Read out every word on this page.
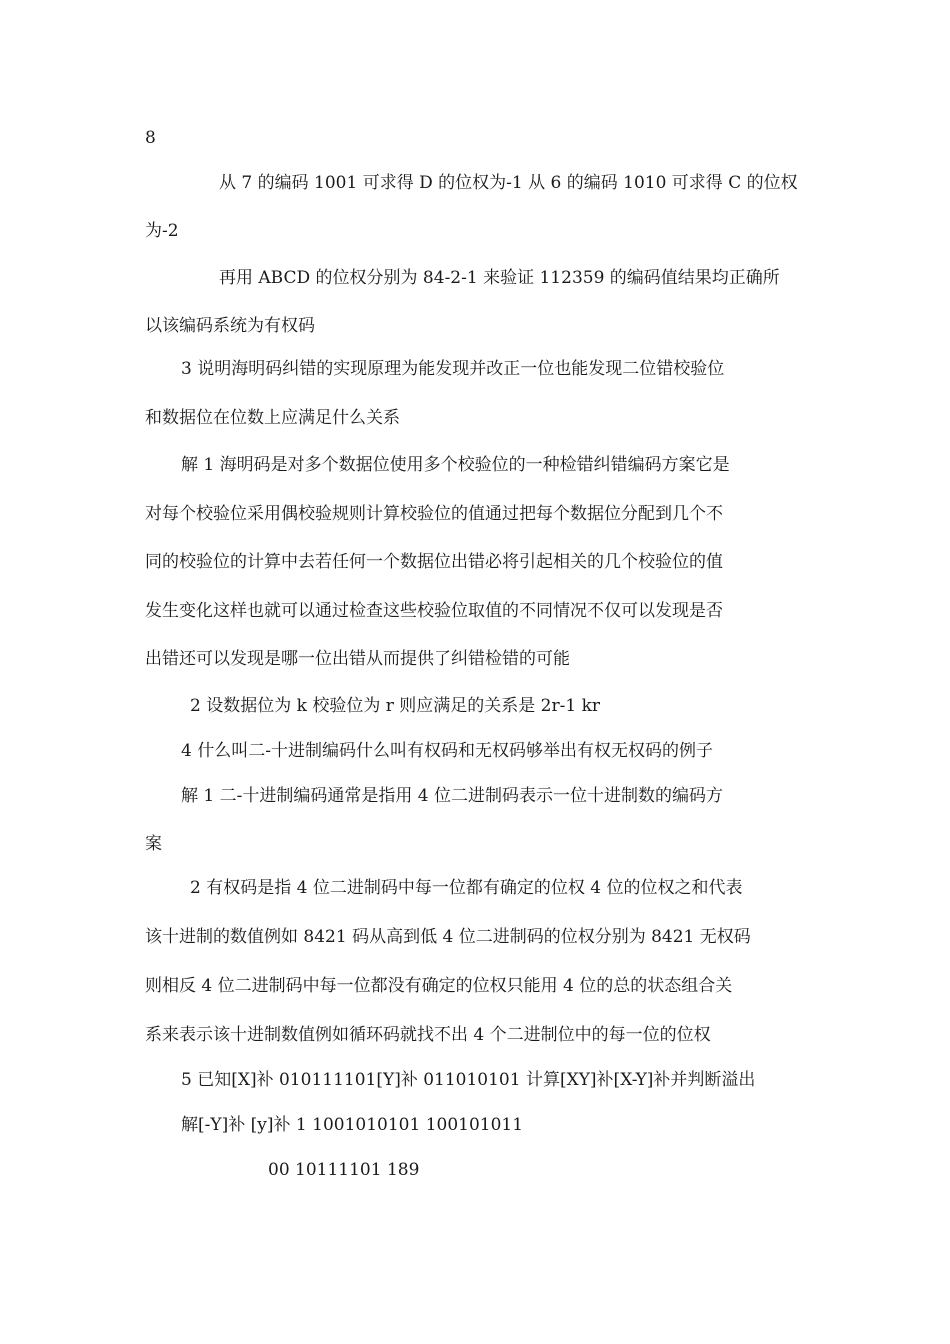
8
从 7 的编码 1001 可求得 D 的位权为-1 从 6 的编码 1010 可求得 C 的位权
为-2
再用 ABCD 的位权分别为 84-2-1 来验证 112359 的编码值结果均正确所
以该编码系统为有权码
3 说明海明码纠错的实现原理为能发现并改正一位也能发现二位错校验位
和数据位在位数上应满足什么关系
解 1 海明码是对多个数据位使用多个校验位的一种检错纠错编码方案它是
对每个校验位采用偶校验规则计算校验位的值通过把每个数据位分配到几个不
同的校验位的计算中去若任何一个数据位出错必将引起相关的几个校验位的值
发生变化这样也就可以通过检查这些校验位取值的不同情况不仅可以发现是否
出错还可以发现是哪一位出错从而提供了纠错检错的可能
2 设数据位为 k 校验位为 r 则应满足的关系是 2r-1 kr
4 什么叫二-十进制编码什么叫有权码和无权码够举出有权无权码的例子
解 1 二-十进制编码通常是指用 4 位二进制码表示一位十进制数的编码方
案
2 有权码是指 4 位二进制码中每一位都有确定的位权 4 位的位权之和代表
该十进制的数值例如 8421 码从高到低 4 位二进制码的位权分别为 8421 无权码
则相反 4 位二进制码中每一位都没有确定的位权只能用 4 位的总的状态组合关
系来表示该十进制数值例如循环码就找不出 4 个二进制位中的每一位的位权
5 已知[X]补 010111101[Y]补 011010101 计算[XY]补[X-Y]补并判断溢出
解[-Y]补 [y]补 1 1001010101 100101011
00 10111101 189
